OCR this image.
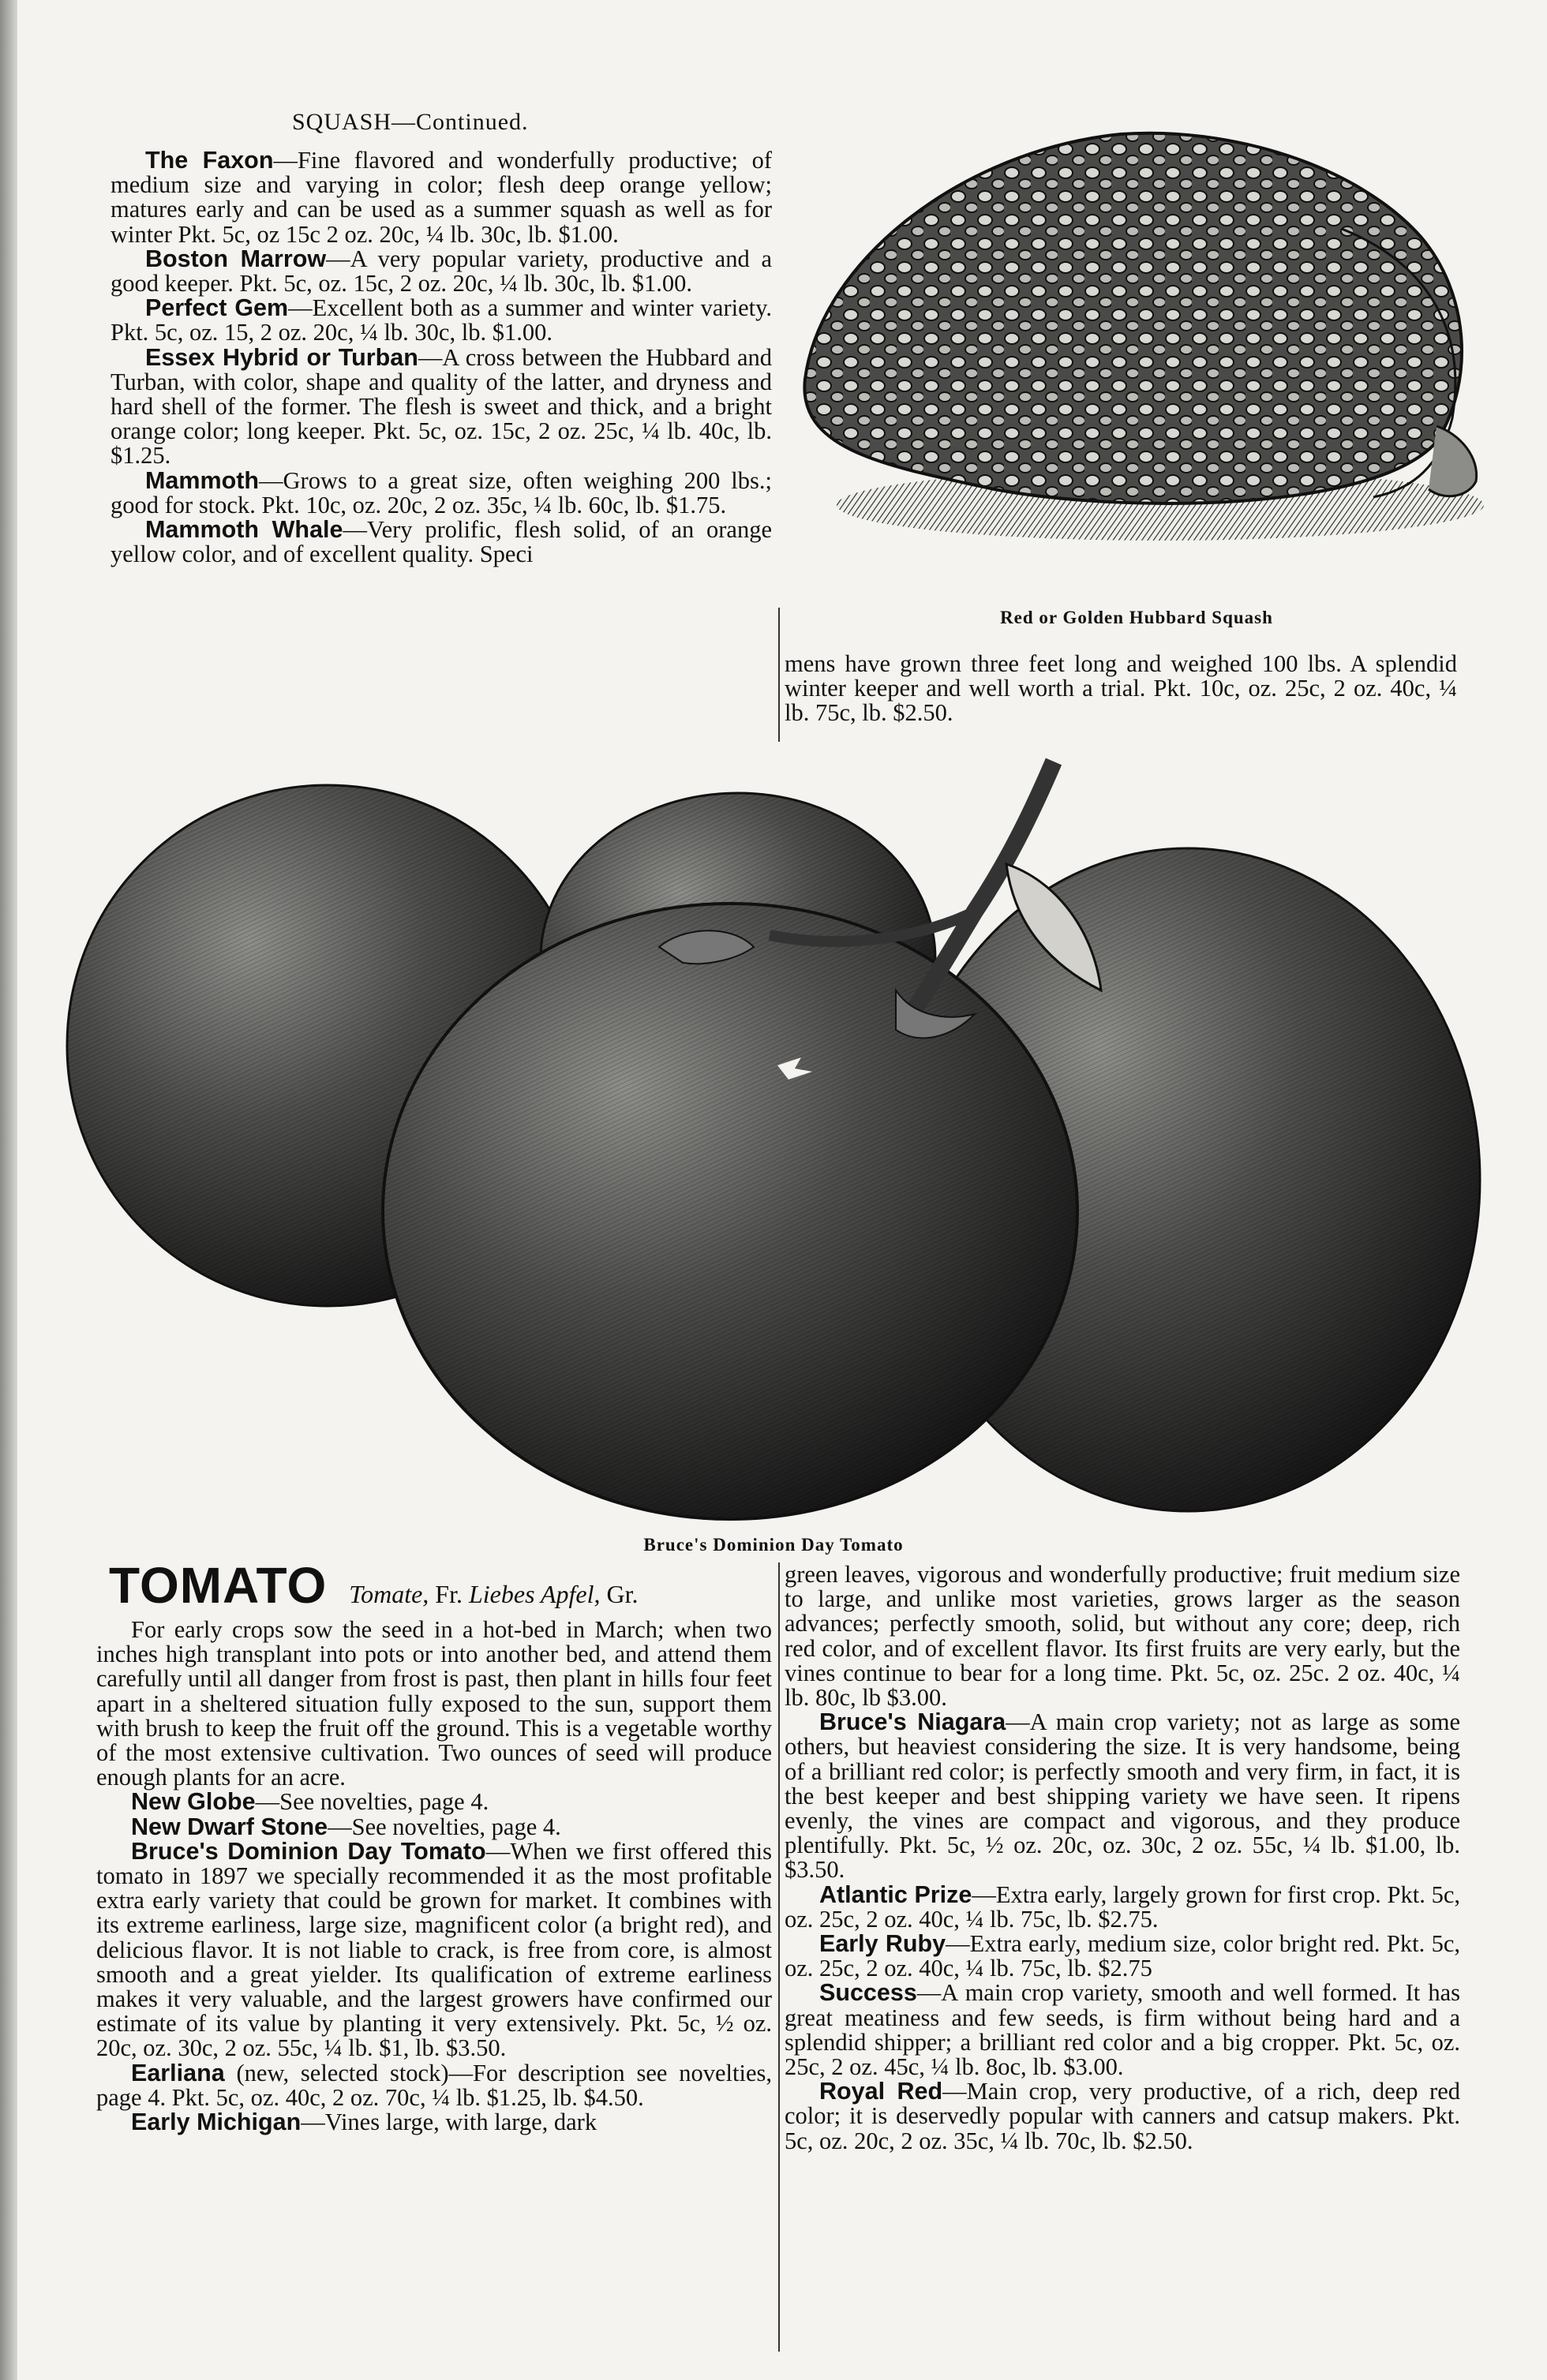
SQUASH—Continued.

The Faxon—Fine flavored and wonderfully productive; of medium size and varying in color; flesh deep orange yellow; matures early and can be used as a summer squash as well as for winter Pkt. 5c, oz 15c 2 oz. 20c, ¼ lb. 30c, lb. $1.00.

Boston Marrow—A very popular variety, productive and a good keeper. Pkt. 5c, oz. 15c, 2 oz. 20c, ¼ lb. 30c, lb. $1.00.

Perfect Gem—Excellent both as a summer and winter variety. Pkt. 5c, oz. 15, 2 oz. 20c, ¼ lb. 30c, lb. $1.00.

Essex Hybrid or Turban—A cross between the Hubbard and Turban, with color, shape and quality of the latter, and dryness and hard shell of the former. The flesh is sweet and thick, and a bright orange color; long keeper. Pkt. 5c, oz. 15c, 2 oz. 25c, ¼ lb. 40c, lb. $1.25.

Mammoth—Grows to a great size, often weighing 200 lbs.; good for stock. Pkt. 10c, oz. 20c, 2 oz. 35c, ¼ lb. 60c, lb. $1.75.

Mammoth Whale—Very prolific, flesh solid, of an orange yellow color, and of excellent quality. Speci

Red or Golden Hubbard Squash
mens have grown three feet long and weighed 100 lbs. A splendid winter keeper and well worth a trial. Pkt. 10c, oz. 25c, 2 oz. 40c, ¼ lb. 75c, lb. $2.50.
Bruce's Dominion Day Tomato
TOMATO Tomate, Fr. Liebes Apfel, Gr.

For early crops sow the seed in a hot-bed in March; when two inches high transplant into pots or into another bed, and attend them carefully until all danger from frost is past, then plant in hills four feet apart in a sheltered situation fully exposed to the sun, support them with brush to keep the fruit off the ground. This is a vegetable worthy of the most extensive cultivation. Two ounces of seed will produce enough plants for an acre.

New Globe—See novelties, page 4.

New Dwarf Stone—See novelties, page 4.

Bruce's Dominion Day Tomato—When we first offered this tomato in 1897 we specially recommended it as the most profitable extra early variety that could be grown for market. It combines with its extreme earliness, large size, magnificent color (a bright red), and delicious flavor. It is not liable to crack, is free from core, is almost smooth and a great yielder. Its qualification of extreme earliness makes it very valuable, and the largest growers have confirmed our estimate of its value by planting it very extensively. Pkt. 5c, ½ oz. 20c, oz. 30c, 2 oz. 55c, ¼ lb. $1, lb. $3.50.

Earliana (new, selected stock)—For description see novelties, page 4. Pkt. 5c, oz. 40c, 2 oz. 70c, ¼ lb. $1.25, lb. $4.50.

Early Michigan—Vines large, with large, dark

green leaves, vigorous and wonderfully productive; fruit medium size to large, and unlike most varieties, grows larger as the season advances; perfectly smooth, solid, but without any core; deep, rich red color, and of excellent flavor. Its first fruits are very early, but the vines continue to bear for a long time. Pkt. 5c, oz. 25c. 2 oz. 40c, ¼ lb. 80c, lb $3.00.

Bruce's Niagara—A main crop variety; not as large as some others, but heaviest considering the size. It is very handsome, being of a brilliant red color; is perfectly smooth and very firm, in fact, it is the best keeper and best shipping variety we have seen. It ripens evenly, the vines are compact and vigorous, and they produce plentifully. Pkt. 5c, ½ oz. 20c, oz. 30c, 2 oz. 55c, ¼ lb. $1.00, lb. $3.50.

Atlantic Prize—Extra early, largely grown for first crop. Pkt. 5c, oz. 25c, 2 oz. 40c, ¼ lb. 75c, lb. $2.75.

Early Ruby—Extra early, medium size, color bright red. Pkt. 5c, oz. 25c, 2 oz. 40c, ¼ lb. 75c, lb. $2.75

Success—A main crop variety, smooth and well formed. It has great meatiness and few seeds, is firm without being hard and a splendid shipper; a brilliant red color and a big cropper. Pkt. 5c, oz. 25c, 2 oz. 45c, ¼ lb. 8oc, lb. $3.00.

Royal Red—Main crop, very productive, of a rich, deep red color; it is deservedly popular with canners and catsup makers. Pkt. 5c, oz. 20c, 2 oz. 35c, ¼ lb. 70c, lb. $2.50.
